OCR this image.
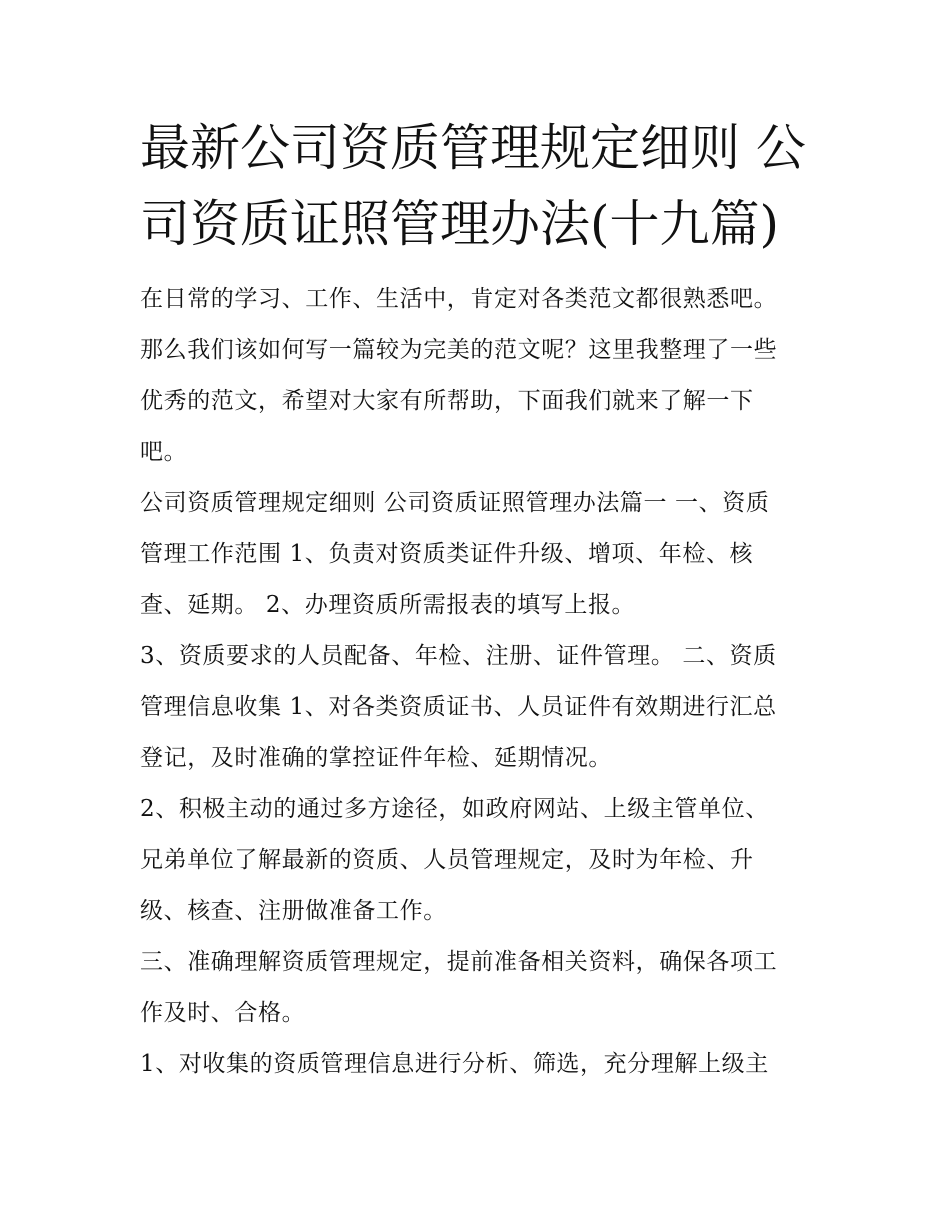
最新公司资质管理规定细则 公
司资质证照管理办法(十九篇)

在日常的学习、工作、生活中，肯定对各类范文都很熟悉吧。
那么我们该如何写一篇较为完美的范文呢？这里我整理了一些
优秀的范文，希望对大家有所帮助，下面我们就来了解一下
吧。

公司资质管理规定细则 公司资质证照管理办法篇一 一、资质
管理工作范围 1、负责对资质类证件升级、增项、年检、核
查、延期。 2、办理资质所需报表的填写上报。

3、资质要求的人员配备、年检、注册、证件管理。 二、资质
管理信息收集 1、对各类资质证书、人员证件有效期进行汇总
登记，及时准确的掌控证件年检、延期情况。

2、积极主动的通过多方途径，如政府网站、上级主管单位、
兄弟单位了解最新的资质、人员管理规定，及时为年检、升
级、核查、注册做准备工作。

三、准确理解资质管理规定，提前准备相关资料，确保各项工
作及时、合格。

1、对收集的资质管理信息进行分析、筛选，充分理解上级主
